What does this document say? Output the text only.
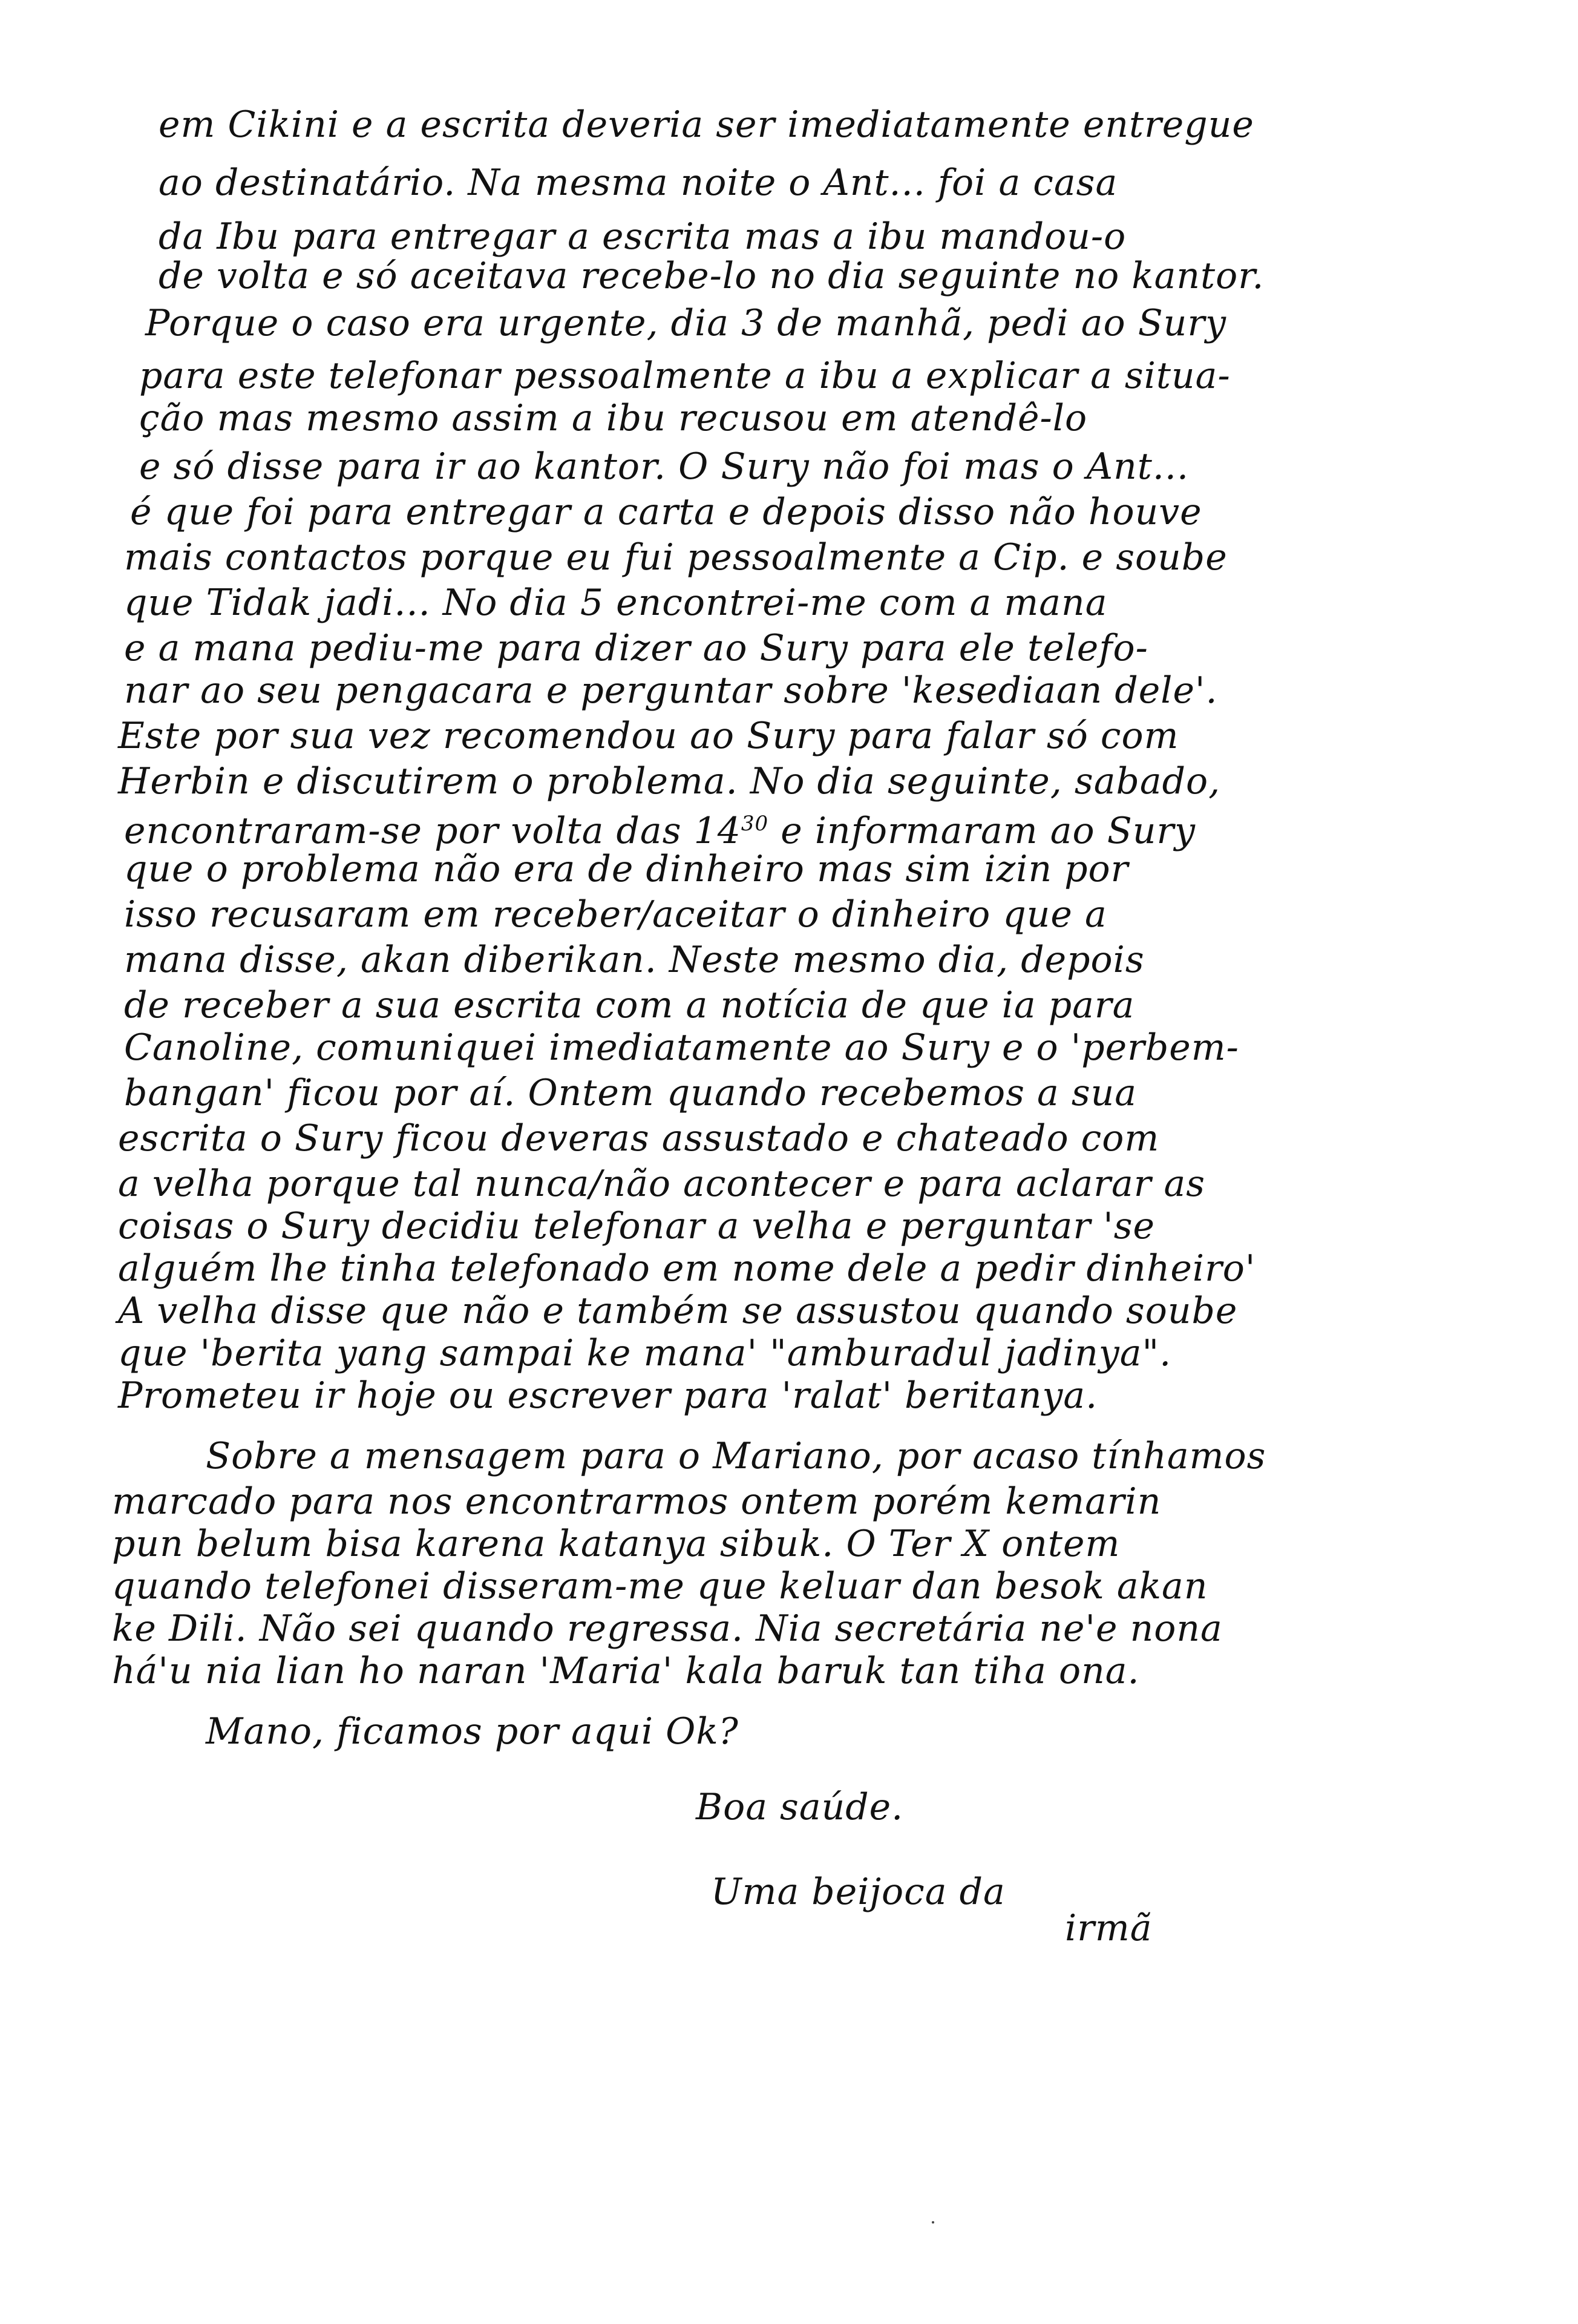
em Cikini e a escrita deveria ser imediatamente entregue
ao destinatário. Na mesma noite o Ant... foi a casa
da Ibu para entregar a escrita mas a ibu mandou-o
de volta e só aceitava recebe-lo no dia seguinte no kantor.
Porque o caso era urgente, dia 3 de manhã, pedi ao Sury
para este telefonar pessoalmente a ibu a explicar a situa-
ção mas mesmo assim a ibu recusou em atendê-lo
e só disse para ir ao kantor. O Sury não foi mas o Ant...
é que foi para entregar a carta e depois disso não houve
mais contactos porque eu fui pessoalmente a Cip. e soube
que Tidak jadi... No dia 5 encontrei-me com a mana
e a mana pediu-me para dizer ao Sury para ele telefo-
nar ao seu pengacara e perguntar sobre 'kesediaan dele'.
Este por sua vez recomendou ao Sury para falar só com
Herbin e discutirem o problema. No dia seguinte, sabado,
encontraram-se por volta das $14^{30}$ e informaram ao Sury
que o problema não era de dinheiro mas sim izin por
isso recusaram em receber/aceitar o dinheiro que a
mana disse, akan diberikan. Neste mesmo dia, depois
de receber a sua escrita com a notícia de que ia para
Canoline, comuniquei imediatamente ao Sury e o 'perbem-
bangan' ficou por aí. Ontem quando recebemos a sua
escrita o Sury ficou deveras assustado e chateado com
a velha porque tal nunca/não acontecer e para aclarar as
coisas o Sury decidiu telefonar a velha e perguntar 'se
alguém lhe tinha telefonado em nome dele a pedir dinheiro'
A velha disse que não e também se assustou quando soube
que 'berita yang sampai ke mana' "amburadul jadinya".
Prometeu ir hoje ou escrever para 'ralat' beritanya.
Sobre a mensagem para o Mariano, por acaso tínhamos
marcado para nos encontrarmos ontem porém kemarin
pun belum bisa karena katanya sibuk. O Ter X ontem
quando telefonei disseram-me que keluar dan besok akan
ke Dili. Não sei quando regressa. Nia secretária ne'e nona
há'u nia lian ho naran 'Maria' kala baruk tan tiha ona.
Mano, ficamos por aqui Ok?
Boa saúde.
Uma beijoca da
irmã
